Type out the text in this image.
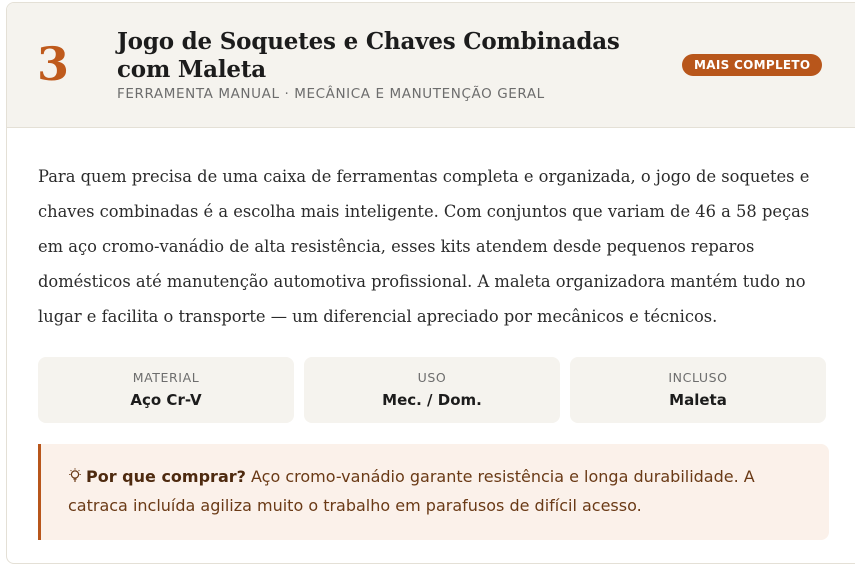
3 Jogo de Soquetes e Chaves Combinadas com Maleta
FERRAMENTA MANUAL · MECÂNICA E MANUTENÇÃO GERAL
MAIS COMPLETO

Para quem precisa de uma caixa de ferramentas completa e organizada, o jogo de soquetes e chaves combinadas é a escolha mais inteligente. Com conjuntos que variam de 46 a 58 peças em aço cromo-vanádio de alta resistência, esses kits atendem desde pequenos reparos domésticos até manutenção automotiva profissional. A maleta organizadora mantém tudo no lugar e facilita o transporte — um diferencial apreciado por mecânicos e técnicos.

MATERIAL
Aço Cr-V
USO
Mec. / Dom.
INCLUSO
Maleta

Por que comprar? Aço cromo-vanádio garante resistência e longa durabilidade. A catraca incluída agiliza muito o trabalho em parafusos de difícil acesso.
